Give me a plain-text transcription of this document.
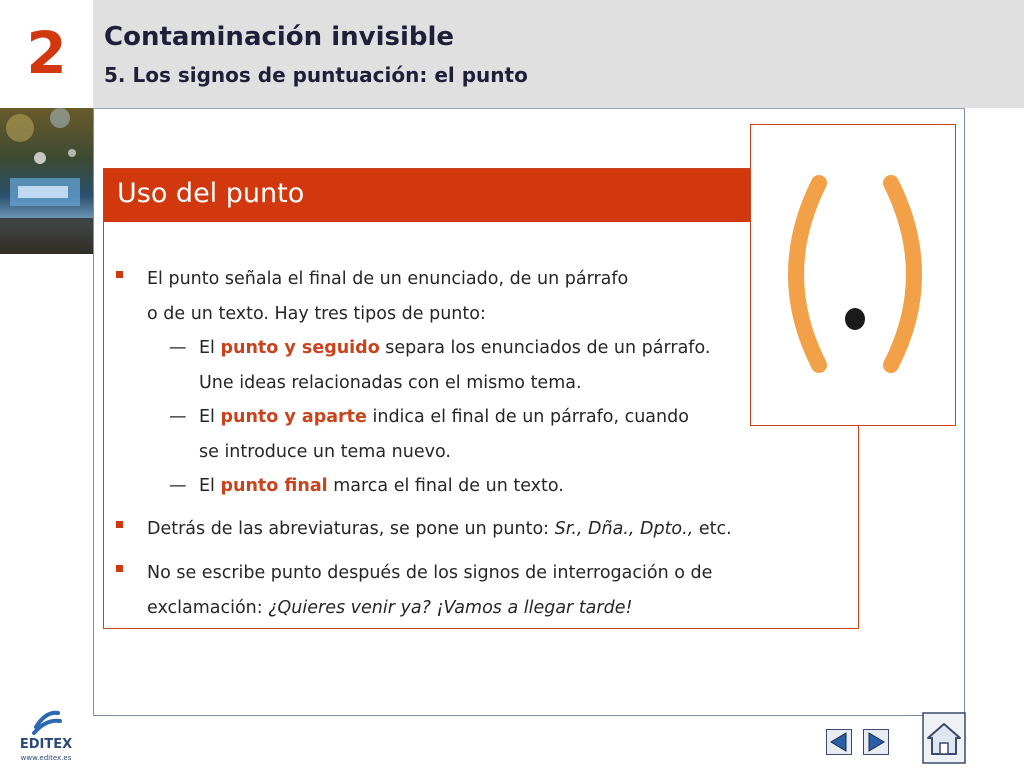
2	Contaminación invisible
5. Los signos de puntuación: el punto
Uso del punto
El punto señala el final de un enunciado, de un párrafo
o de un texto. Hay tres tipos de punto:
— El punto y seguido separa los enunciados de un párrafo.
Une ideas relacionadas con el mismo tema.
— El punto y aparte indica el final de un párrafo, cuando
se introduce un tema nuevo.
— El punto final marca el final de un texto.
Detrás de las abreviaturas, se pone un punto: Sr., Dña., Dpto., etc.
No se escribe punto después de los signos de interrogación o de
exclamación: ¿Quieres venir ya? ¡Vamos a llegar tarde!
EDITEX
www.editex.es
